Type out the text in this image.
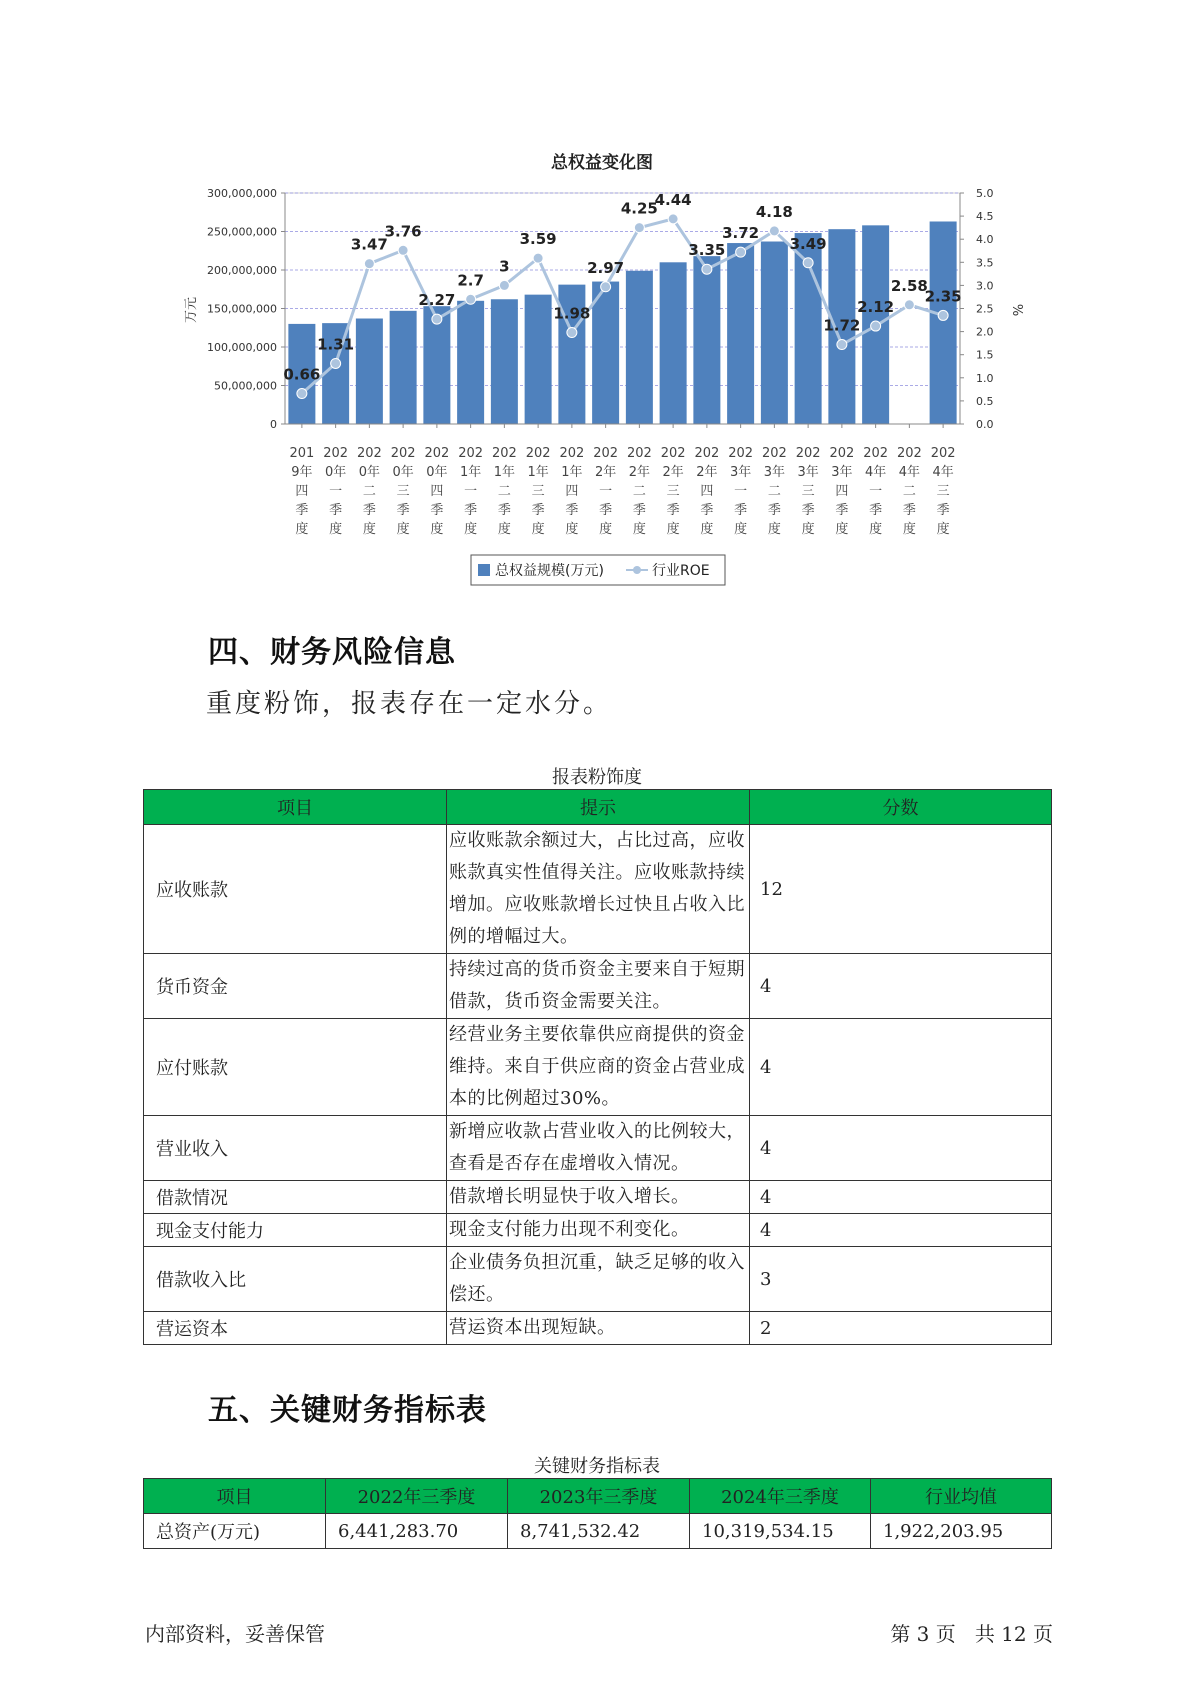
总权益变化图
0
50,000,000
100,000,000
150,000,000
200,000,000
250,000,000
300,000,000
0.0
0.5
1.0
1.5
2.0
2.5
3.0
3.5
4.0
4.5
5.0
万元	%
201
9年
四
季
度
202
0年
一
季
度
202
0年
二
季
度
202
0年
三
季
度
202
0年
四
季
度
202
1年
一
季
度
202
1年
二
季
度
202
1年
三
季
度
202
1年
四
季
度
202
2年
一
季
度
202
2年
二
季
度
202
2年
三
季
度
202
2年
四
季
度
202
3年
一
季
度
202
3年
二
季
度
202
3年
三
季
度
202
3年
四
季
度
202
4年
一
季
度
202
4年
二
季
度
202
4年
三
季
度
0.66
1.31
3.47
3.76
2.27
2.7
3
3.59
1.98
2.97
4.25
4.44
3.35
3.72
4.18
3.49
1.72
2.12
2.58
2.35
总权益规模(万元)	行业ROE
四、财务风险信息
重度粉饰，报表存在一定水分。
报表粉饰度
项目	提示	分数
应收账款	应收账款余额过大，占比过高，应收账款真实性值得关注。应收账款持续增加。应收账款增长过快且占收入比例的增幅过大。	12
货币资金	持续过高的货币资金主要来自于短期借款，货币资金需要关注。	4
应付账款	经营业务主要依靠供应商提供的资金维持。来自于供应商的资金占营业成本的比例超过30%。	4
营业收入	新增应收款占营业收入的比例较大，查看是否存在虚增收入情况。	4
借款情况	借款增长明显快于收入增长。	4
现金支付能力	现金支付能力出现不利变化。	4
借款收入比	企业债务负担沉重，缺乏足够的收入偿还。	3
营运资本	营运资本出现短缺。	2
五、关键财务指标表
关键财务指标表
项目	2022年三季度	2023年三季度	2024年三季度	行业均值
总资产(万元)	6,441,283.70	8,741,532.42	10,319,534.15	1,922,203.95
内部资料，妥善保管	第 3 页   共 12 页
